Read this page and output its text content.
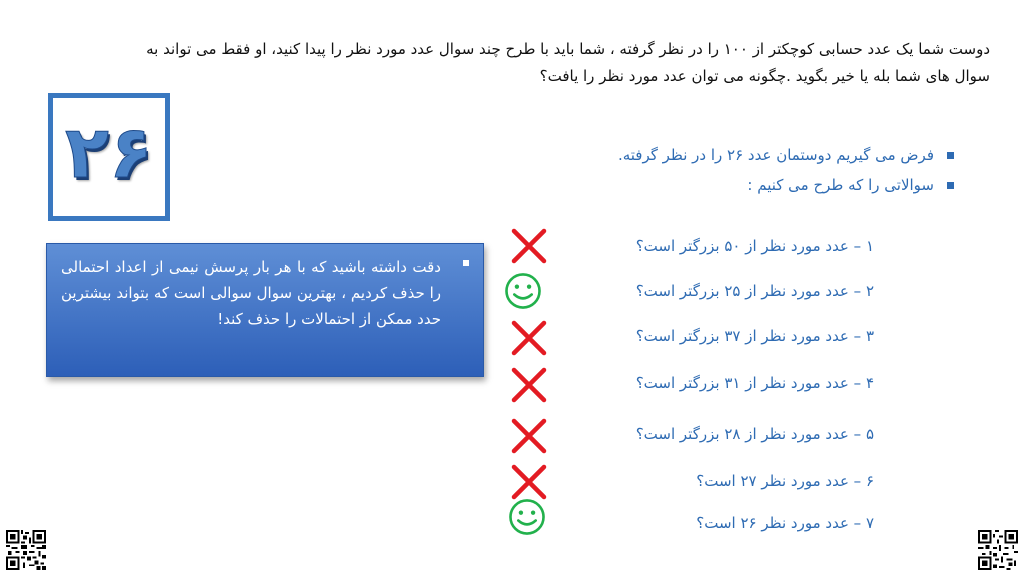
دوست شما یک عدد حسابی کوچکتر از ۱۰۰ را در نظر گرفته ، شما باید با طرح چند سوال عدد مورد نظر را پیدا کنید، او فقط می تواند به سوال های شما بله یا خیر بگوید .چگونه می توان عدد مورد نظر را یافت؟
۲۶	فرض می گیریم دوستمان عدد ۲۶ را در نظر گرفته.
سوالاتی را که طرح می کنیم :
دقت داشته باشید که با هر بار پرسش نیمی از اعداد احتمالی را حذف کردیم ، بهترین سوال سوالی است که بتواند بیشترین حدد ممکن از احتمالات را حذف کند!
۱ – عدد مورد نظر از ۵۰ بزرگتر است؟
۲ – عدد مورد نظر از ۲۵ بزرگتر است؟
۳ – عدد مورد نظر از ۳۷ بزرگتر است؟
۴ – عدد مورد نظر از ۳۱ بزرگتر است؟
۵ – عدد مورد نظر از ۲۸ بزرگتر است؟
۶ – عدد مورد نظر ۲۷ است؟
۷ – عدد مورد نظر ۲۶ است؟
